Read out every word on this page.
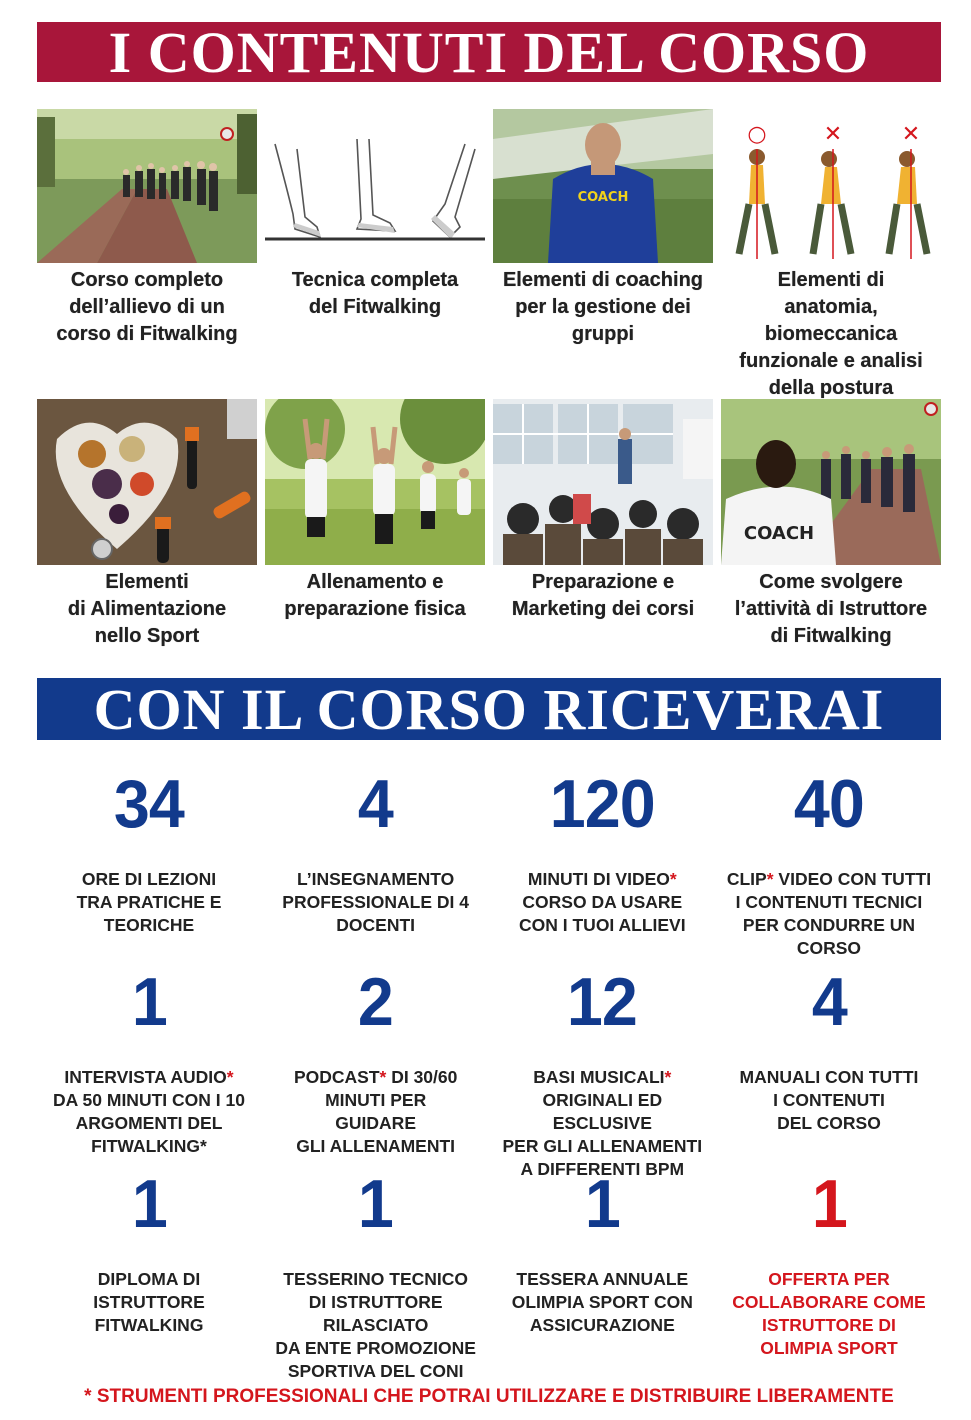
I CONTENUTI DEL CORSO
Corso completo
dell’allievo di un
corso di Fitwalking
Tecnica completa
del Fitwalking
COACH
Elementi di coaching
per la gestione dei
gruppi
○	✕	✕
Elementi di
anatomia,
biomeccanica
funzionale e analisi
della postura
Elementi
di Alimentazione
nello Sport
Allenamento e
preparazione fisica
Preparazione e
Marketing dei corsi
COACH
Come svolgere
l’attività di Istruttore
di Fitwalking
CON IL CORSO RICEVERAI
34
ORE DI LEZIONI
TRA PRATICHE E
TEORICHE
4
L’INSEGNAMENTO
PROFESSIONALE DI 4
DOCENTI
120
MINUTI DI VIDEO*
CORSO DA USARE
CON I TUOI ALLIEVI
40
CLIP* VIDEO CON TUTTI
I CONTENUTI TECNICI
PER CONDURRE UN
CORSO
1
INTERVISTA AUDIO*
DA 50 MINUTI CON I 10
ARGOMENTI DEL
FITWALKING*
2
PODCAST* DI 30/60
MINUTI PER
GUIDARE
GLI ALLENAMENTI
12
BASI MUSICALI*
ORIGINALI ED
ESCLUSIVE
PER GLI ALLENAMENTI
A DIFFERENTI BPM
4
MANUALI CON TUTTI
I CONTENUTI
DEL CORSO
1
DIPLOMA DI
ISTRUTTORE
FITWALKING
1
TESSERINO TECNICO
DI ISTRUTTORE
RILASCIATO
DA ENTE PROMOZIONE
SPORTIVA DEL CONI
1
TESSERA ANNUALE
OLIMPIA SPORT CON
ASSICURAZIONE
1
OFFERTA PER
COLLABORARE COME
ISTRUTTORE DI
OLIMPIA SPORT
* STRUMENTI PROFESSIONALI CHE POTRAI UTILIZZARE E DISTRIBUIRE LIBERAMENTE
